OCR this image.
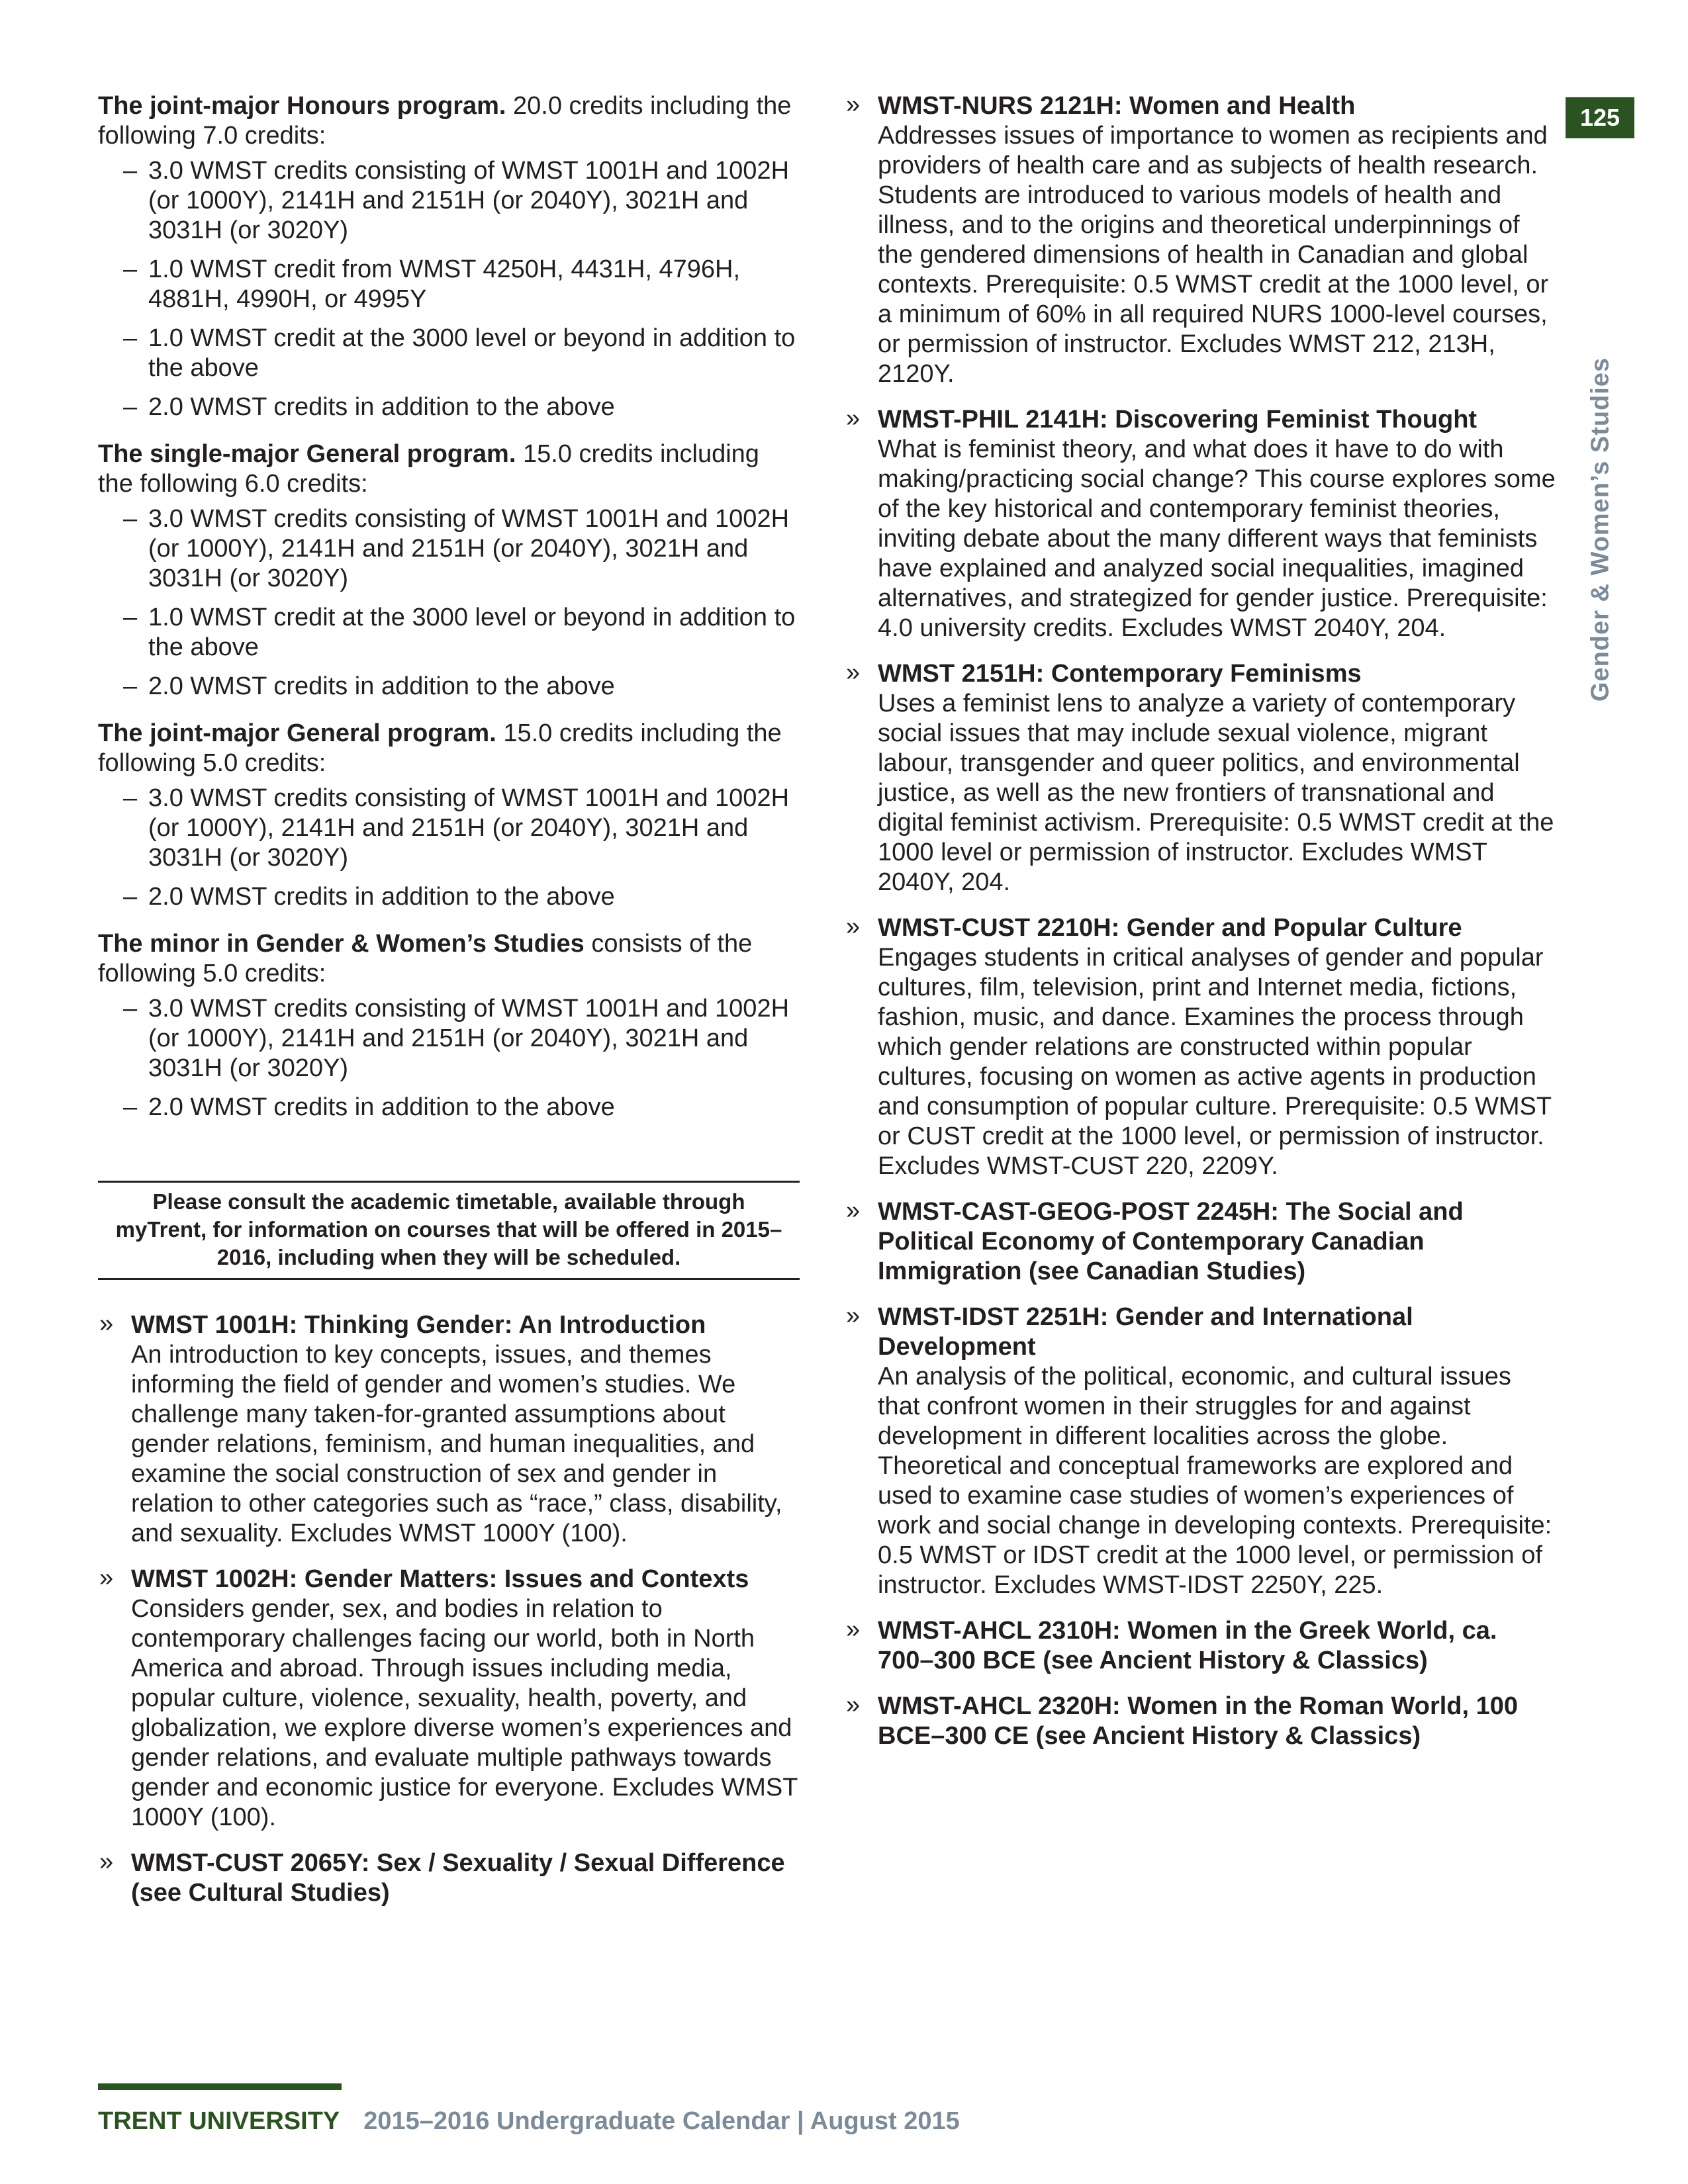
125
Gender & Women’s Studies
The joint-major Honours program. 20.0 credits including the following 7.0 credits:
– 3.0 WMST credits consisting of WMST 1001H and 1002H (or 1000Y), 2141H and 2151H (or 2040Y), 3021H and 3031H (or 3020Y)
– 1.0 WMST credit from WMST 4250H, 4431H, 4796H, 4881H, 4990H, or 4995Y
– 1.0 WMST credit at the 3000 level or beyond in addition to the above
– 2.0 WMST credits in addition to the above
The single-major General program. 15.0 credits including the following 6.0 credits:
– 3.0 WMST credits consisting of WMST 1001H and 1002H (or 1000Y), 2141H and 2151H (or 2040Y), 3021H and 3031H (or 3020Y)
– 1.0 WMST credit at the 3000 level or beyond in addition to the above
– 2.0 WMST credits in addition to the above
The joint-major General program. 15.0 credits including the following 5.0 credits:
– 3.0 WMST credits consisting of WMST 1001H and 1002H (or 1000Y), 2141H and 2151H (or 2040Y), 3021H and 3031H (or 3020Y)
– 2.0 WMST credits in addition to the above
The minor in Gender & Women’s Studies consists of the following 5.0 credits:
– 3.0 WMST credits consisting of WMST 1001H and 1002H (or 1000Y), 2141H and 2151H (or 2040Y), 3021H and 3031H (or 3020Y)
– 2.0 WMST credits in addition to the above
Please consult the academic timetable, available through myTrent, for information on courses that will be offered in 2015–2016, including when they will be scheduled.
» WMST 1001H: Thinking Gender: An Introduction
An introduction to key concepts, issues, and themes informing the field of gender and women’s studies. We challenge many taken-for-granted assumptions about gender relations, feminism, and human inequalities, and examine the social construction of sex and gender in relation to other categories such as “race,” class, disability, and sexuality. Excludes WMST 1000Y (100).
» WMST 1002H: Gender Matters: Issues and Contexts
Considers gender, sex, and bodies in relation to contemporary challenges facing our world, both in North America and abroad. Through issues including media, popular culture, violence, sexuality, health, poverty, and globalization, we explore diverse women’s experiences and gender relations, and evaluate multiple pathways towards gender and economic justice for everyone. Excludes WMST 1000Y (100).
» WMST-CUST 2065Y: Sex / Sexuality / Sexual Difference (see Cultural Studies)
» WMST-NURS 2121H: Women and Health
Addresses issues of importance to women as recipients and providers of health care and as subjects of health research. Students are introduced to various models of health and illness, and to the origins and theoretical underpinnings of the gendered dimensions of health in Canadian and global contexts. Prerequisite: 0.5 WMST credit at the 1000 level, or a minimum of 60% in all required NURS 1000-level courses, or permission of instructor. Excludes WMST 212, 213H, 2120Y.
» WMST-PHIL 2141H: Discovering Feminist Thought
What is feminist theory, and what does it have to do with making/practicing social change? This course explores some of the key historical and contemporary feminist theories, inviting debate about the many different ways that feminists have explained and analyzed social inequalities, imagined alternatives, and strategized for gender justice. Prerequisite: 4.0 university credits. Excludes WMST 2040Y, 204.
» WMST 2151H: Contemporary Feminisms
Uses a feminist lens to analyze a variety of contemporary social issues that may include sexual violence, migrant labour, transgender and queer politics, and environmental justice, as well as the new frontiers of transnational and digital feminist activism. Prerequisite: 0.5 WMST credit at the 1000 level or permission of instructor. Excludes WMST 2040Y, 204.
» WMST-CUST 2210H: Gender and Popular Culture
Engages students in critical analyses of gender and popular cultures, film, television, print and Internet media, fictions, fashion, music, and dance. Examines the process through which gender relations are constructed within popular cultures, focusing on women as active agents in production and consumption of popular culture. Prerequisite: 0.5 WMST or CUST credit at the 1000 level, or permission of instructor. Excludes WMST-CUST 220, 2209Y.
» WMST-CAST-GEOG-POST 2245H: The Social and Political Economy of Contemporary Canadian Immigration (see Canadian Studies)
» WMST-IDST 2251H: Gender and International Development
An analysis of the political, economic, and cultural issues that confront women in their struggles for and against development in different localities across the globe. Theoretical and conceptual frameworks are explored and used to examine case studies of women’s experiences of work and social change in developing contexts. Prerequisite: 0.5 WMST or IDST credit at the 1000 level, or permission of instructor. Excludes WMST-IDST 2250Y, 225.
» WMST-AHCL 2310H: Women in the Greek World, ca. 700–300 BCE (see Ancient History & Classics)
» WMST-AHCL 2320H: Women in the Roman World, 100 BCE–300 CE (see Ancient History & Classics)
TRENT UNIVERSITY 2015–2016 Undergraduate Calendar | August 2015
